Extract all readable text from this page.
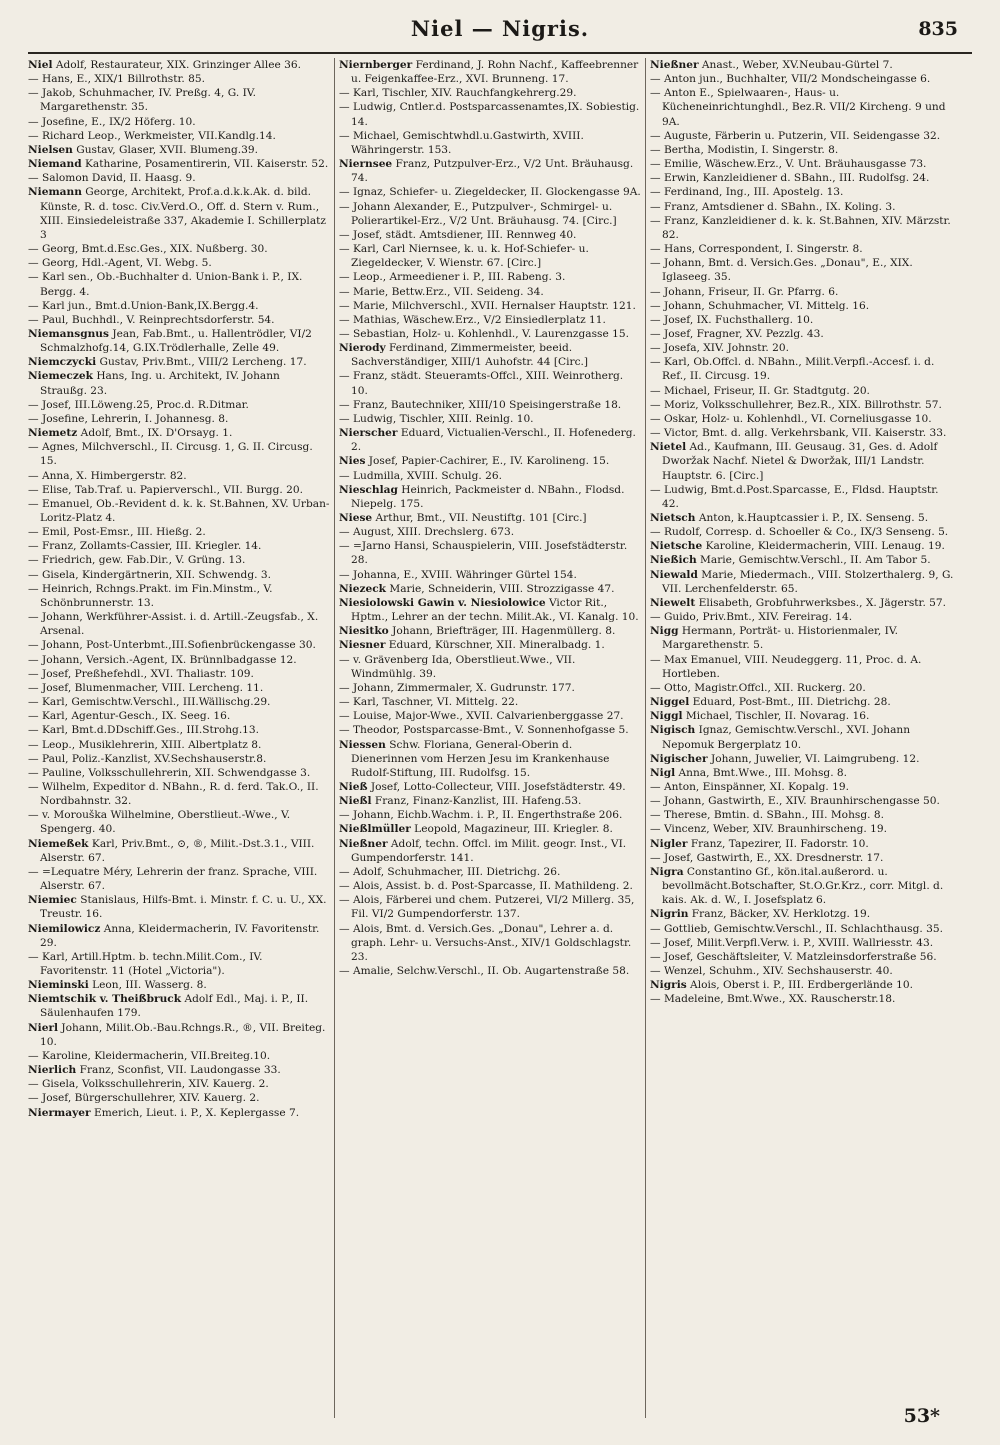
Niel — Nigris.	835

Niel Adolf, Restaurateur, XIX. Grinzinger Allee 36.

— Hans, E., XIX/1 Billrothstr. 85.

— Jakob, Schuhmacher, IV. Preßg. 4, G. IV. Margarethenstr. 35.

— Josefine, E., IX/2 Höferg. 10.

— Richard Leop., Werkmeister, VII.Kandlg.14.

Nielsen Gustav, Glaser, XVII. Blumeng.39.

Niemand Katharine, Posamentirerin, VII. Kaiserstr. 52.

— Salomon David, II. Haasg. 9.

Niemann George, Architekt, Prof.a.d.k.k.Ak. d. bild. Künste, R. d. tosc. Civ.Verd.O., Off. d. Stern v. Rum., XIII. Einsiedeleistraße 337, Akademie I. Schillerplatz 3

— Georg, Bmt.d.Esc.Ges., XIX. Nußberg. 30.

— Georg, Hdl.-Agent, VI. Webg. 5.

— Karl sen., Ob.-Buchhalter d. Union-Bank i. P., IX. Bergg. 4.

— Karl jun., Bmt.d.Union-Bank,IX.Bergg.4.

— Paul, Buchhdl., V. Reinprechtsdorferstr. 54.

Niemansgnus Jean, Fab.Bmt., u. Hallentrödler, VI/2 Schmalzhofg.14, G.IX.Trödlerhalle, Zelle 49.

Niemczycki Gustav, Priv.Bmt., VIII/2 Lercheng. 17.

Niemeczek Hans, Ing. u. Architekt, IV. Johann Straußg. 23.

— Josef, III.Löweng.25, Proc.d. R.Ditmar.

— Josefine, Lehrerin, I. Johannesg. 8.

Niemetz Adolf, Bmt., IX. D'Orsayg. 1.

— Agnes, Milchverschl., II. Circusg. 1, G. II. Circusg. 15.

— Anna, X. Himbergerstr. 82.

— Elise, Tab.Traf. u. Papierverschl., VII. Burgg. 20.

— Emanuel, Ob.-Revident d. k. k. St.Bahnen, XV. Urban-Loritz-Platz 4.

— Emil, Post-Emsr., III. Hießg. 2.

— Franz, Zollamts-Cassier, III. Kriegler. 14.

— Friedrich, gew. Fab.Dir., V. Grüng. 13.

— Gisela, Kindergärtnerin, XII. Schwendg. 3.

— Heinrich, Rchngs.Prakt. im Fin.Minstm., V. Schönbrunnerstr. 13.

— Johann, Werkführer-Assist. i. d. Artill.-Zeugsfab., X. Arsenal.

— Johann, Post-Unterbmt.,III.Sofienbrückengasse 30.

— Johann, Versich.-Agent, IX. Brünnlbadgasse 12.

— Josef, Preßhefehdl., XVI. Thaliastr. 109.

— Josef, Blumenmacher, VIII. Lercheng. 11.

— Karl, Gemischtw.Verschl., III.Wällischg.29.

— Karl, Agentur-Gesch., IX. Seeg. 16.

— Karl, Bmt.d.DDschiff.Ges., III.Strohg.13.

— Leop., Musiklehrerin, XIII. Albertplatz 8.

— Paul, Poliz.-Kanzlist, XV.Sechshauserstr.8.

— Pauline, Volksschullehrerin, XII. Schwendgasse 3.

— Wilhelm, Expeditor d. NBahn., R. d. ferd. Tak.O., II. Nordbahnstr. 32.

— v. Morouška Wilhelmine, Oberstlieut.-Wwe., V. Spengerg. 40.

Niemeßek Karl, Priv.Bmt., ⊙, ®, Milit.-Dst.3.1., VIII. Alserstr. 67.

— =Lequatre Méry, Lehrerin der franz. Sprache, VIII. Alserstr. 67.

Niemiec Stanislaus, Hilfs-Bmt. i. Minstr. f. C. u. U., XX. Treustr. 16.

Niemilowicz Anna, Kleidermacherin, IV. Favoritenstr. 29.

— Karl, Artill.Hptm. b. techn.Milit.Com., IV. Favoritenstr. 11 (Hotel „Victoria").

Nieminski Leon, III. Wasserg. 8.

Niemtschik v. Theißbruck Adolf Edl., Maj. i. P., II. Säulenhaufen 179.

Nierl Johann, Milit.Ob.-Bau.Rchngs.R., ®, VII. Breiteg. 10.

— Karoline, Kleidermacherin, VII.Breiteg.10.

Nierlich Franz, Sconfist, VII. Laudongasse 33.

— Gisela, Volksschullehrerin, XIV. Kauerg. 2.

— Josef, Bürgerschullehrer, XIV. Kauerg. 2.

Niermayer Emerich, Lieut. i. P., X. Keplergasse 7.

Niernberger Ferdinand, J. Rohn Nachf., Kaffeebrenner u. Feigenkaffee-Erz., XVI. Brunneng. 17.

— Karl, Tischler, XIV. Rauchfangkehrerg.29.

— Ludwig, Cntler.d. Postsparcassenamtes,IX. Sobiestig. 14.

— Michael, Gemischtwhdl.u.Gastwirth, XVIII. Währingerstr. 153.

Niernsee Franz, Putzpulver-Erz., V/2 Unt. Bräuhausg. 74.

— Ignaz, Schiefer- u. Ziegeldecker, II. Glockengasse 9A.

— Johann Alexander, E., Putzpulver-, Schmirgel- u. Polierartikel-Erz., V/2 Unt. Bräuhausg. 74. [Circ.]

— Josef, städt. Amtsdiener, III. Rennweg 40.

— Karl, Carl Niernsee, k. u. k. Hof-Schiefer- u. Ziegeldecker, V. Wienstr. 67. [Circ.]

— Leop., Armeediener i. P., III. Rabeng. 3.

— Marie, Bettw.Erz., VII. Seideng. 34.

— Marie, Milchverschl., XVII. Hernalser Hauptstr. 121.

— Mathias, Wäschew.Erz., V/2 Einsiedlerplatz 11.

— Sebastian, Holz- u. Kohlenhdl., V. Laurenzgasse 15.

Nierody Ferdinand, Zimmermeister, beeid. Sachverständiger, XIII/1 Auhofstr. 44 [Circ.]

— Franz, städt. Steueramts-Offcl., XIII. Weinrotherg. 10.

— Franz, Bautechniker, XIII/10 Speisingerstraße 18.

— Ludwig, Tischler, XIII. Reinlg. 10.

Nierscher Eduard, Victualien-Verschl., II. Hofenederg. 2.

Nies Josef, Papier-Cachirer, E., IV. Karolineng. 15.

— Ludmilla, XVIII. Schulg. 26.

Nieschlag Heinrich, Packmeister d. NBahn., Flodsd. Niepelg. 175.

Niese Arthur, Bmt., VII. Neustiftg. 101 [Circ.]

— August, XIII. Drechslerg. 673.

— =Jarno Hansi, Schauspielerin, VIII. Josefstädterstr. 28.

— Johanna, E., XVIII. Währinger Gürtel 154.

Niezeck Marie, Schneiderin, VIII. Strozzigasse 47.

Niesiolowski Gawin v. Niesiolowice Victor Rit., Hptm., Lehrer an der techn. Milit.Ak., VI. Kanalg. 10.

Niesitko Johann, Briefträger, III. Hagenmüllerg. 8.

Niesner Eduard, Kürschner, XII. Mineralbadg. 1.

— v. Grävenberg Ida, Oberstlieut.Wwe., VII. Windmühlg. 39.

— Johann, Zimmermaler, X. Gudrunstr. 177.

— Karl, Taschner, VI. Mittelg. 22.

— Louise, Major-Wwe., XVII. Calvarienberggasse 27.

— Theodor, Postsparcasse-Bmt., V. Sonnenhofgasse 5.

Niessen Schw. Floriana, General-Oberin d. Dienerinnen vom Herzen Jesu im Krankenhause Rudolf-Stiftung, III. Rudolfsg. 15.

Nieß Josef, Lotto-Collecteur, VIII. Josefstädterstr. 49.

Nießl Franz, Finanz-Kanzlist, III. Hafeng.53.

— Johann, Eichb.Wachm. i. P., II. Engerthstraße 206.

Nießlmüller Leopold, Magazineur, III. Kriegler. 8.

Nießner Adolf, techn. Offcl. im Milit. geogr. Inst., VI. Gumpendorferstr. 141.

— Adolf, Schuhmacher, III. Dietrichg. 26.

— Alois, Assist. b. d. Post-Sparcasse, II. Mathildeng. 2.

— Alois, Färberei und chem. Putzerei, VI/2 Millerg. 35, Fil. VI/2 Gumpendorferstr. 137.

— Alois, Bmt. d. Versich.Ges. „Donau", Lehrer a. d. graph. Lehr- u. Versuchs-Anst., XIV/1 Goldschlagstr. 23.

— Amalie, Selchw.Verschl., II. Ob. Augartenstraße 58.

Nießner Anast., Weber, XV.Neubau-Gürtel 7.

— Anton jun., Buchhalter, VII/2 Mondscheingasse 6.

— Anton E., Spielwaaren-, Haus- u. Kücheneinrichtunghdl., Bez.R. VII/2 Kircheng. 9 und 9A.

— Auguste, Färberin u. Putzerin, VII. Seidengasse 32.

— Bertha, Modistin, I. Singerstr. 8.

— Emilie, Wäschew.Erz., V. Unt. Bräuhausgasse 73.

— Erwin, Kanzleidiener d. SBahn., III. Rudolfsg. 24.

— Ferdinand, Ing., III. Apostelg. 13.

— Franz, Amtsdiener d. SBahn., IX. Koling. 3.

— Franz, Kanzleidiener d. k. k. St.Bahnen, XIV. Märzstr. 82.

— Hans, Correspondent, I. Singerstr. 8.

— Johann, Bmt. d. Versich.Ges. „Donau", E., XIX. Iglaseeg. 35.

— Johann, Friseur, II. Gr. Pfarrg. 6.

— Johann, Schuhmacher, VI. Mittelg. 16.

— Josef, IX. Fuchsthallerg. 10.

— Josef, Fragner, XV. Pezzlg. 43.

— Josefa, XIV. Johnstr. 20.

— Karl, Ob.Offcl. d. NBahn., Milit.Verpfl.-Accesf. i. d. Ref., II. Circusg. 19.

— Michael, Friseur, II. Gr. Stadtgutg. 20.

— Moriz, Volksschullehrer, Bez.R., XIX. Billrothstr. 57.

— Oskar, Holz- u. Kohlenhdl., VI. Corneliusgasse 10.

— Victor, Bmt. d. allg. Verkehrsbank, VII. Kaiserstr. 33.

Nietel Ad., Kaufmann, III. Geusaug. 31, Ges. d. Adolf Dworžak Nachf. Nietel & Dworžak, III/1 Landstr. Hauptstr. 6. [Circ.]

— Ludwig, Bmt.d.Post.Sparcasse, E., Fldsd. Hauptstr. 42.

Nietsch Anton, k.Hauptcassier i. P., IX. Senseng. 5.

— Rudolf, Corresp. d. Schoeller & Co., IX/3 Senseng. 5.

Nietsche Karoline, Kleidermacherin, VIII. Lenaug. 19.

Nießich Marie, Gemischtw.Verschl., II. Am Tabor 5.

Niewald Marie, Miedermach., VIII. Stolzerthalerg. 9, G. VII. Lerchenfelderstr. 65.

Niewelt Elisabeth, Grobfuhrwerksbes., X. Jägerstr. 57.

— Guido, Priv.Bmt., XIV. Fereirag. 14.

Nigg Hermann, Porträt- u. Historienmaler, IV. Margarethenstr. 5.

— Max Emanuel, VIII. Neudeggerg. 11, Proc. d. A. Hortleben.

— Otto, Magistr.Offcl., XII. Ruckerg. 20.

Niggel Eduard, Post-Bmt., III. Dietrichg. 28.

Niggl Michael, Tischler, II. Novarag. 16.

Nigisch Ignaz, Gemischtw.Verschl., XVI. Johann Nepomuk Bergerplatz 10.

Nigischer Johann, Juwelier, VI. Laimgrubeng. 12.

Nigl Anna, Bmt.Wwe., III. Mohsg. 8.

— Anton, Einspänner, XI. Kopalg. 19.

— Johann, Gastwirth, E., XIV. Braunhirschengasse 50.

— Therese, Bmtin. d. SBahn., III. Mohsg. 8.

— Vincenz, Weber, XIV. Braunhirscheng. 19.

Nigler Franz, Tapezirer, II. Fadorstr. 10.

— Josef, Gastwirth, E., XX. Dresdnerstr. 17.

Nigra Constantino Gf., kön.ital.außerord. u. bevollmächt.Botschafter, St.O.Gr.Krz., corr. Mitgl. d. kais. Ak. d. W., I. Josefsplatz 6.

Nigrin Franz, Bäcker, XV. Herklotzg. 19.

— Gottlieb, Gemischtw.Verschl., II. Schlachthausg. 35.

— Josef, Milit.Verpfl.Verw. i. P., XVIII. Wallriesstr. 43.

— Josef, Geschäftsleiter, V. Matzleinsdorferstraße 56.

— Wenzel, Schuhm., XIV. Sechshauserstr. 40.

Nigris Alois, Oberst i. P., III. Erdbergerlände 10.

— Madeleine, Bmt.Wwe., XX. Rauscherstr.18.

53*
